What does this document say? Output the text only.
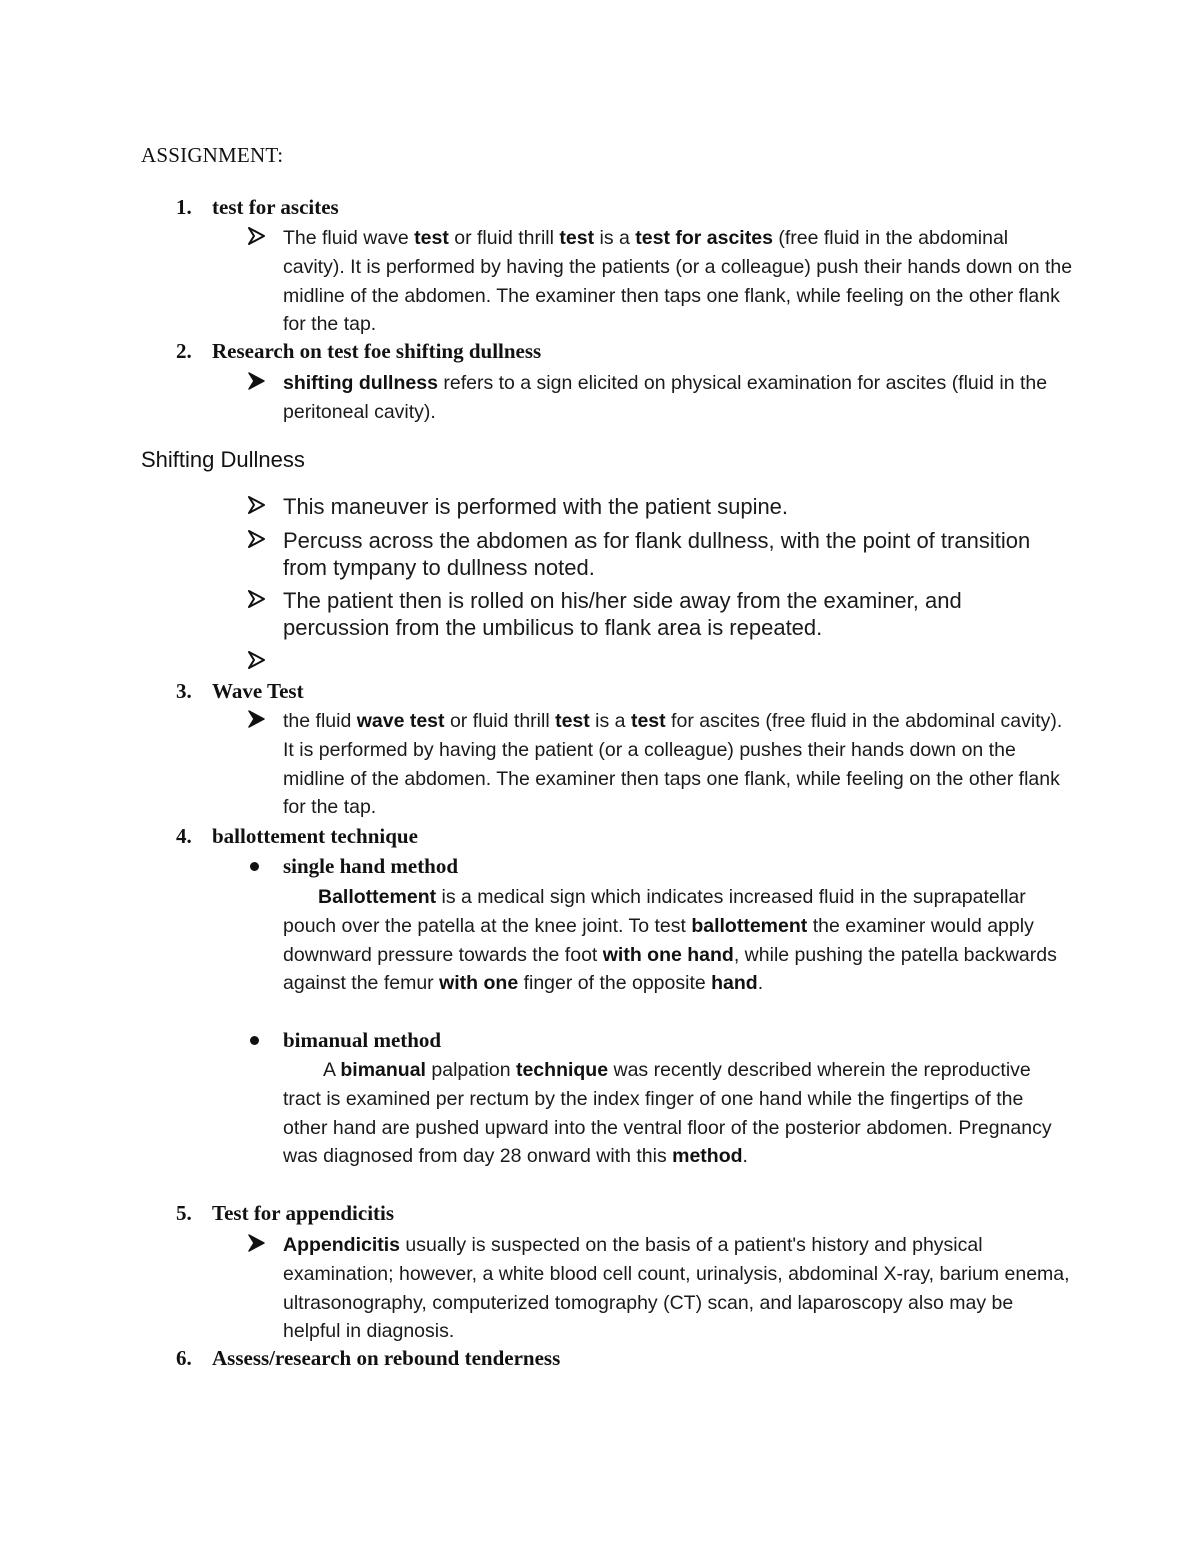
ASSIGNMENT:
1. test for ascites
The fluid wave test or fluid thrill test is a test for ascites (free fluid in the abdominal cavity). It is performed by having the patients (or a colleague) push their hands down on the midline of the abdomen. The examiner then taps one flank, while feeling on the other flank for the tap.
2. Research on test foe shifting dullness
shifting dullness refers to a sign elicited on physical examination for ascites (fluid in the peritoneal cavity).
Shifting Dullness
This maneuver is performed with the patient supine.
Percuss across the abdomen as for flank dullness, with the point of transition from tympany to dullness noted.
The patient then is rolled on his/her side away from the examiner, and percussion from the umbilicus to flank area is repeated.
3. Wave Test
the fluid wave test or fluid thrill test is a test for ascites (free fluid in the abdominal cavity). It is performed by having the patient (or a colleague) pushes their hands down on the midline of the abdomen. The examiner then taps one flank, while feeling on the other flank for the tap.
4. ballottement technique
single hand method
Ballottement is a medical sign which indicates increased fluid in the suprapatellar pouch over the patella at the knee joint. To test ballottement the examiner would apply downward pressure towards the foot with one hand, while pushing the patella backwards against the femur with one finger of the opposite hand.
bimanual method
A bimanual palpation technique was recently described wherein the reproductive tract is examined per rectum by the index finger of one hand while the fingertips of the other hand are pushed upward into the ventral floor of the posterior abdomen. Pregnancy was diagnosed from day 28 onward with this method.
5. Test for appendicitis
Appendicitis usually is suspected on the basis of a patient's history and physical examination; however, a white blood cell count, urinalysis, abdominal X-ray, barium enema, ultrasonography, computerized tomography (CT) scan, and laparoscopy also may be helpful in diagnosis.
6. Assess/research on rebound tenderness
